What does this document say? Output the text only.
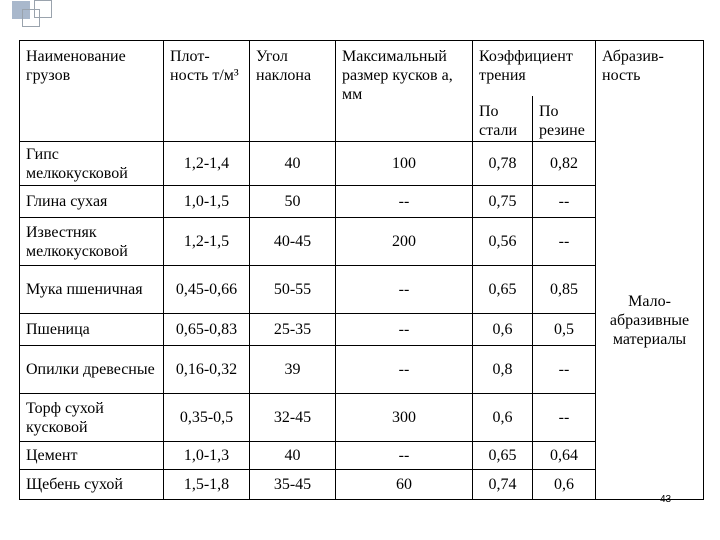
Наименование грузов	Плот-ность т/м³	Угол наклона	Максимальный размер кусков а, мм	Коэффициент трения		Абразив-ность
				По стали	По резине	
Гипс мелкокусковой	1,2-1,4	40	100	0,78	0,82	Мало-абразивные материалы
Глина сухая	1,0-1,5	50	--	0,75	--	
Известняк мелкокусковой	1,2-1,5	40-45	200	0,56	--	
Мука пшеничная	0,45-0,66	50-55	--	0,65	0,85	
Пшеница	0,65-0,83	25-35	--	0,6	0,5	
Опилки древесные	0,16-0,32	39	--	0,8	--	
Торф сухой кусковой	0,35-0,5	32-45	300	0,6	--	
Цемент	1,0-1,3	40	--	0,65	0,64	
Щебень сухой	1,5-1,8	35-45	60	0,74	0,6	
43
